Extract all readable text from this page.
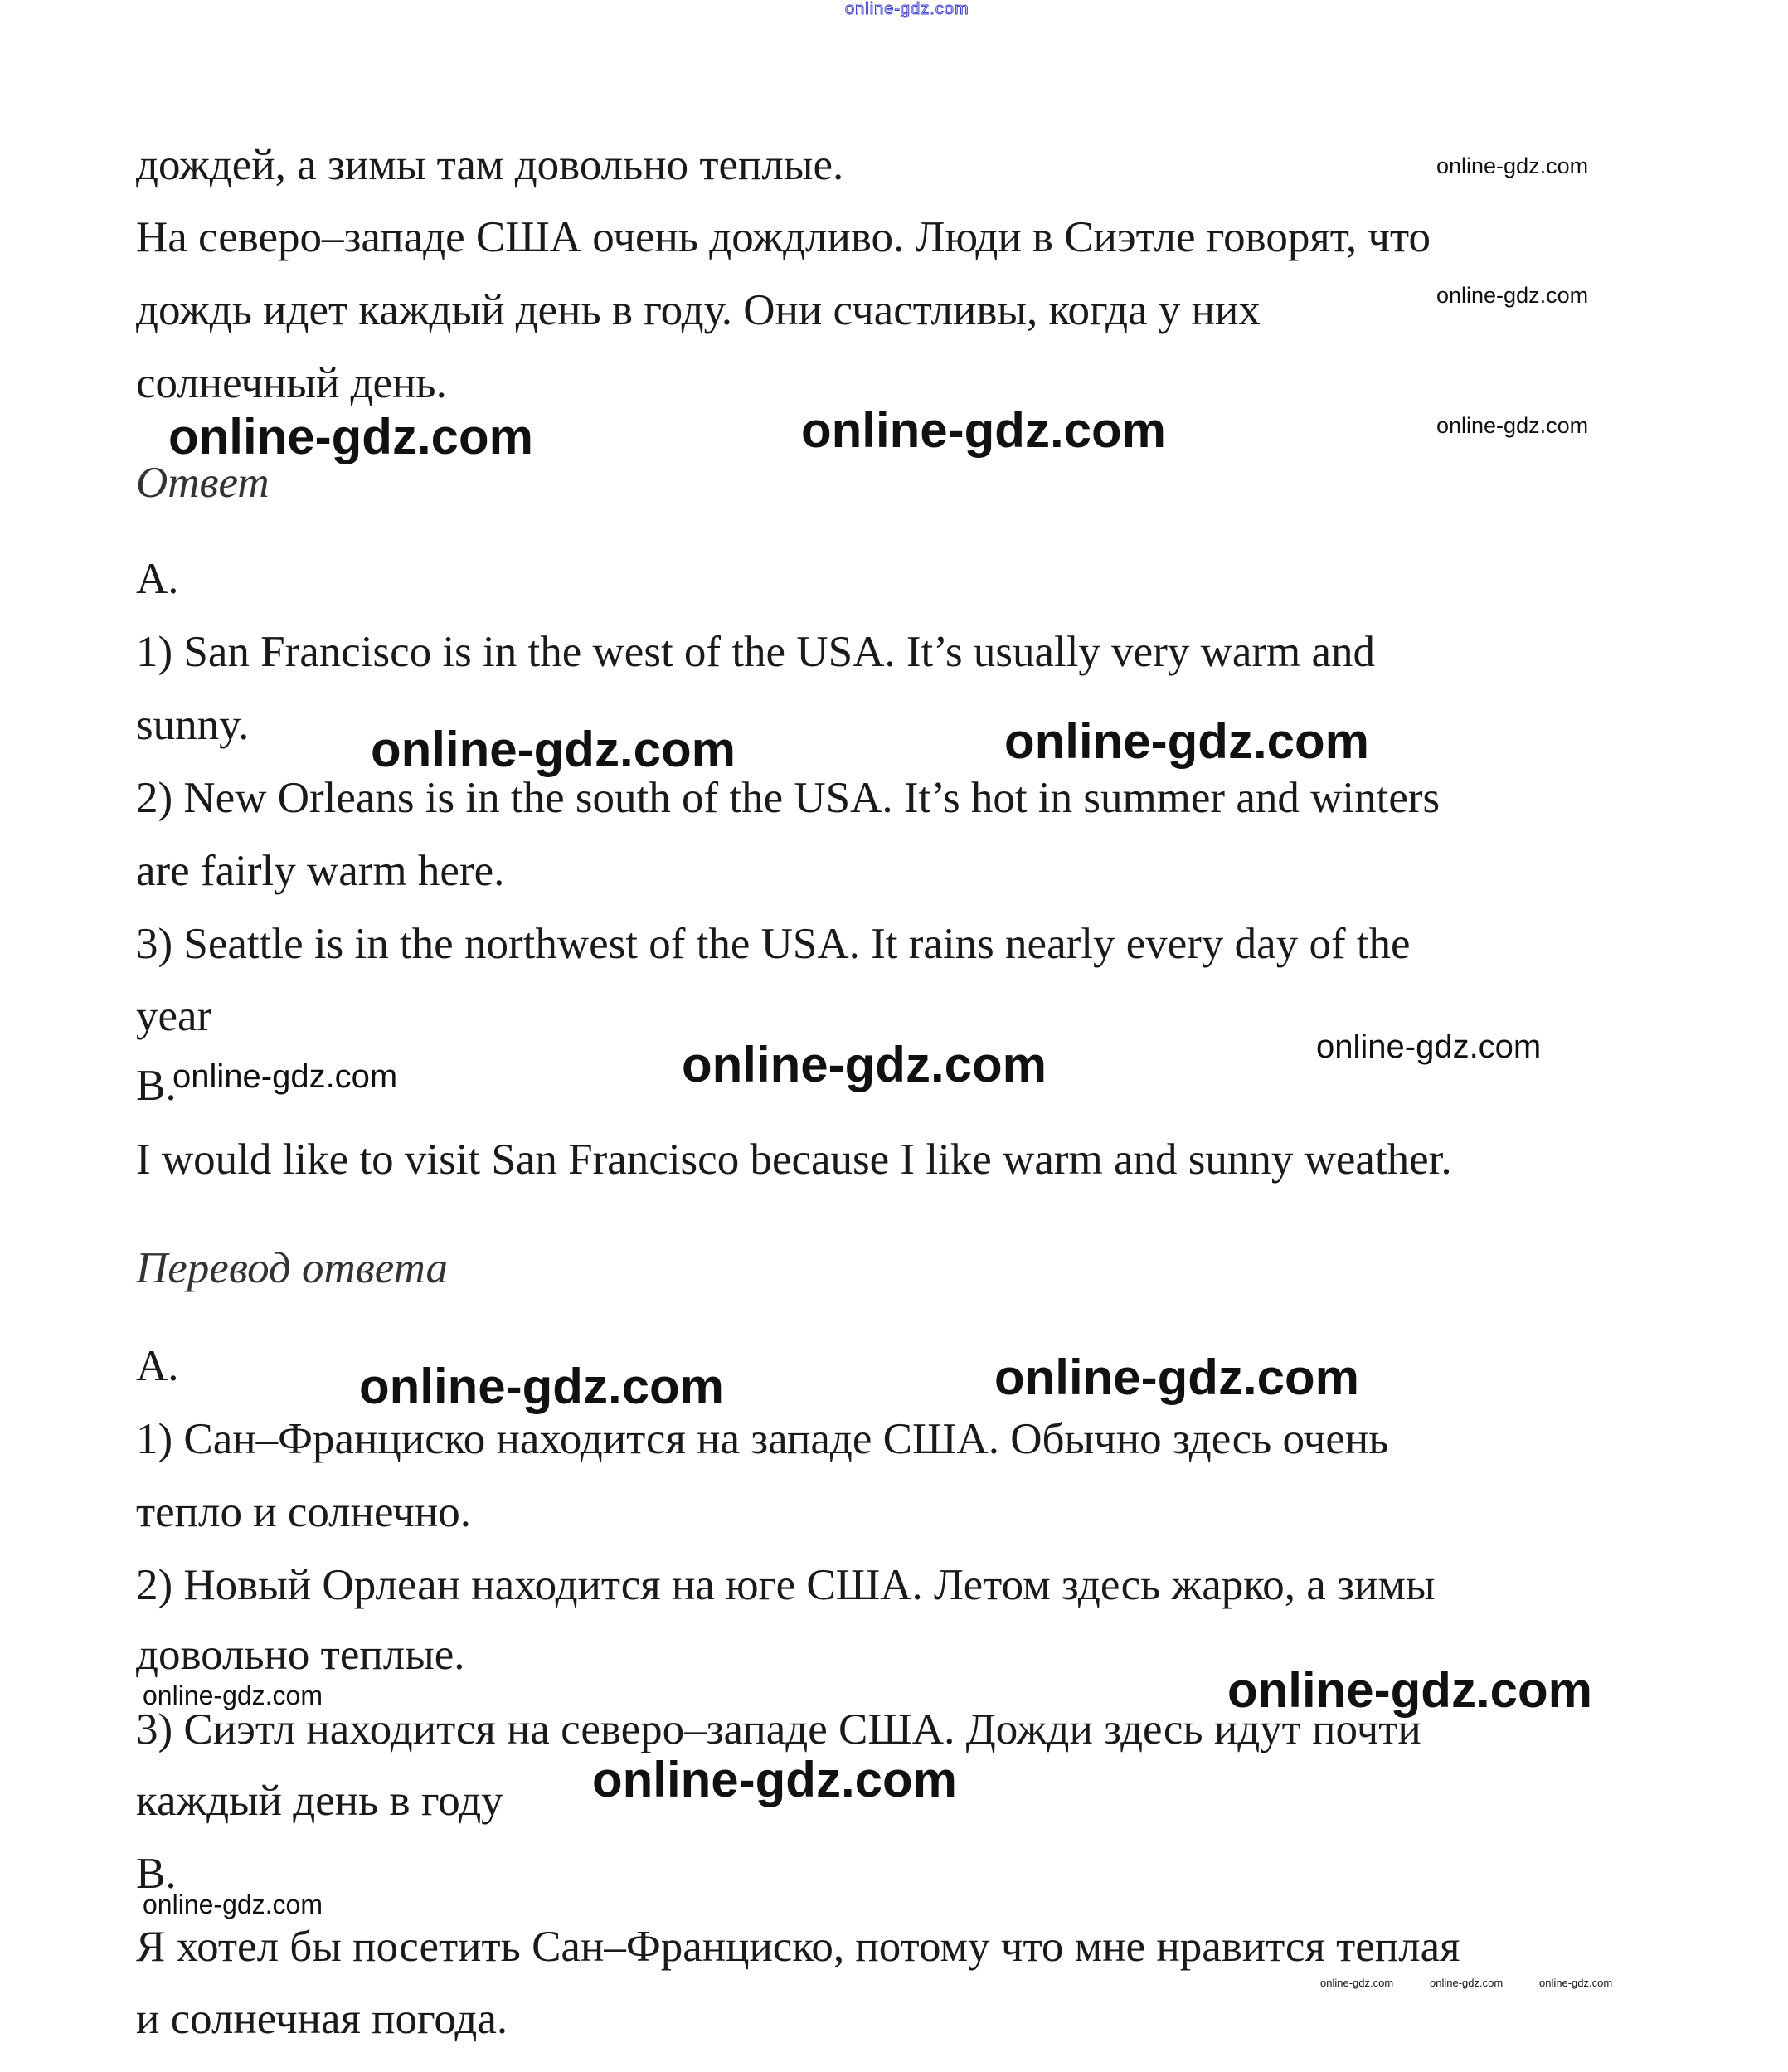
online-gdz.com
дождей, а зимы там довольно теплые.
На северо–западе США очень дождливо. Люди в Сиэтле говорят, что
дождь идет каждый день в году. Они счастливы, когда у них
солнечный день.
Ответ
A.
1) San Francisco is in the west of the USA. It’s usually very warm and
sunny.
2) New Orleans is in the south of the USA. It’s hot in summer and winters
are fairly warm here.
3) Seattle is in the northwest of the USA. It rains nearly every day of the
year
B.
I would like to visit San Francisco because I like warm and sunny weather.
Перевод ответа
A.
1) Сан–Франциско находится на западе США. Обычно здесь очень
тепло и солнечно.
2) Новый Орлеан находится на юге США. Летом здесь жарко, а зимы
довольно теплые.
3) Сиэтл находится на северо–западе США. Дожди здесь идут почти
каждый день в году
B.
Я хотел бы посетить Сан–Франциско, потому что мне нравится теплая
и солнечная погода.
online-gdz.com
online-gdz.com
online-gdz.com
online-gdz.com	online-gdz.com
online-gdz.com	online-gdz.com
online-gdz.com
online-gdz.com	online-gdz.com
online-gdz.com
online-gdz.com
online-gdz.com
online-gdz.com
online-gdz.com
online-gdz.com
online-gdz.com	online-gdz.com	online-gdz.com
